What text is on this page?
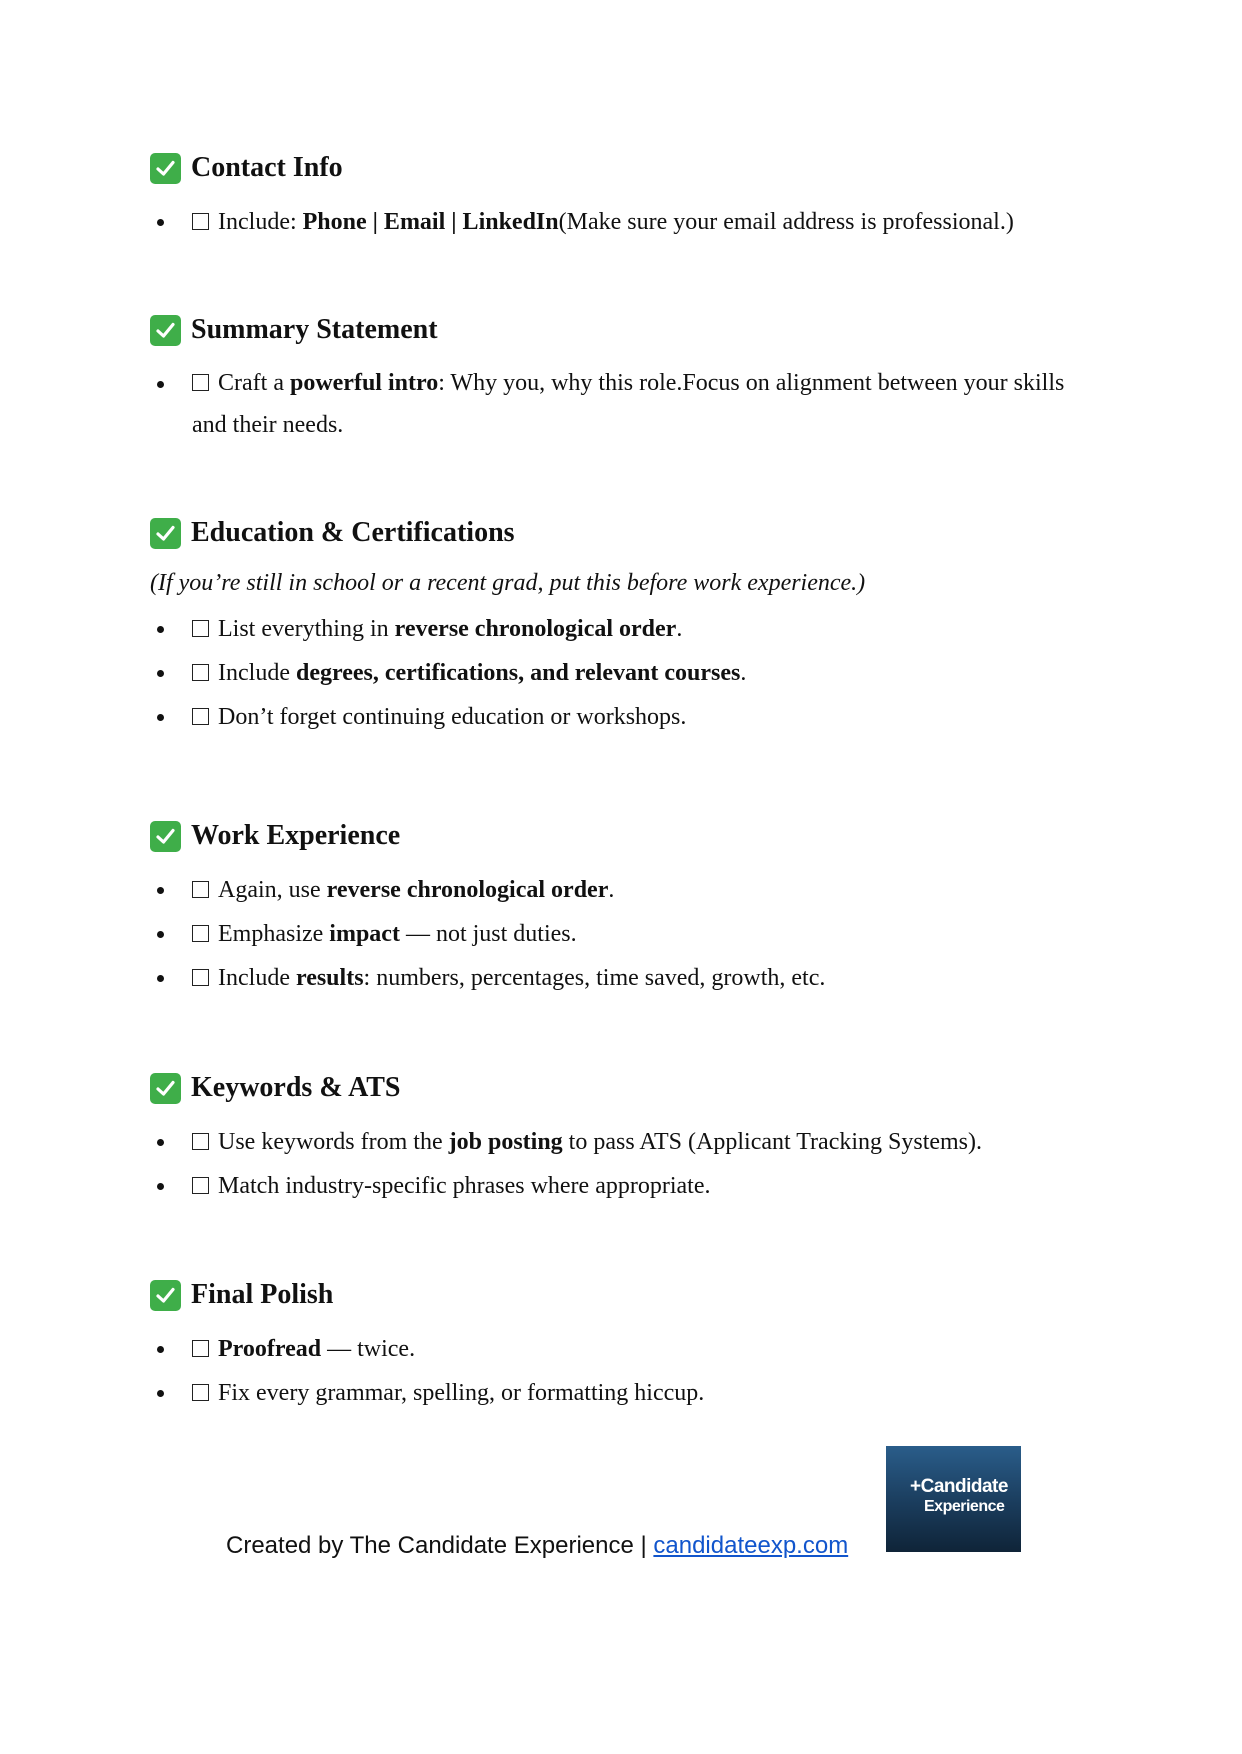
Contact Info
Include: Phone | Email | LinkedIn(Make sure your email address is professional.)
Summary Statement
Craft a powerful intro: Why you, why this role.Focus on alignment between your skills and their needs.
Education & Certifications
(If you’re still in school or a recent grad, put this before work experience.)
List everything in reverse chronological order.
Include degrees, certifications, and relevant courses.
Don’t forget continuing education or workshops.
Work Experience
Again, use reverse chronological order.
Emphasize impact — not just duties.
Include results: numbers, percentages, time saved, growth, etc.
Keywords & ATS
Use keywords from the job posting to pass ATS (Applicant Tracking Systems).
Match industry-specific phrases where appropriate.
Final Polish
Proofread — twice.
Fix every grammar, spelling, or formatting hiccup.
Created by The Candidate Experience | candidateexp.com
+Candidate
Experience
